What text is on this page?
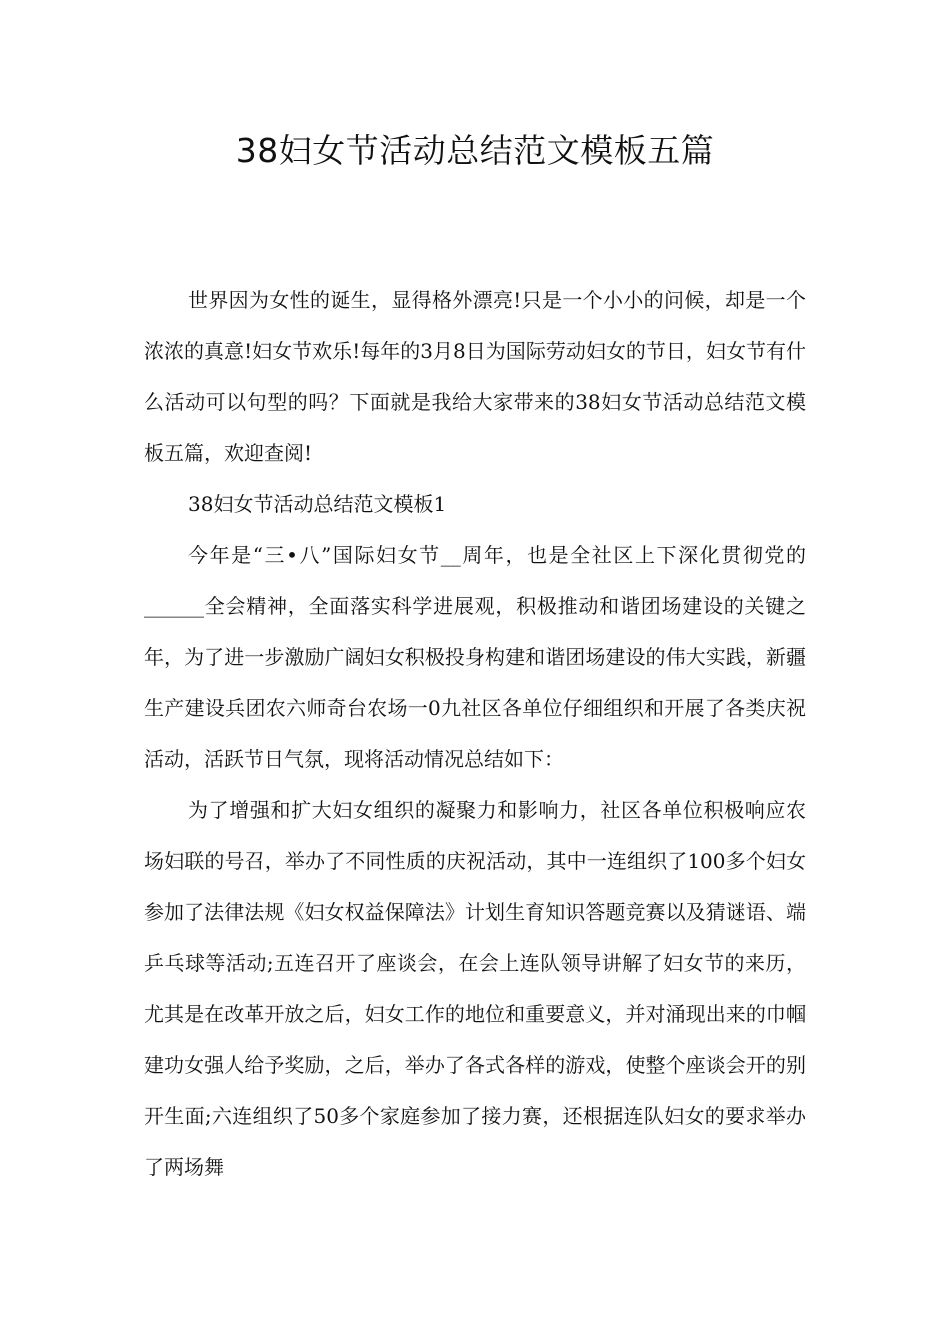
38妇女节活动总结范文模板五篇

世界因为女性的诞生，显得格外漂亮!只是一个小小的问候，却是一个浓浓的真意!妇女节欢乐!每年的3月8日为国际劳动妇女的节日，妇女节有什么活动可以句型的吗？下面就是我给大家带来的38妇女节活动总结范文模板五篇，欢迎查阅!

38妇女节活动总结范文模板1

今年是“三•八”国际妇女节__周年，也是全社区上下深化贯彻党的______全会精神，全面落实科学进展观，积极推动和谐团场建设的关键之年，为了进一步激励广阔妇女积极投身构建和谐团场建设的伟大实践，新疆生产建设兵团农六师奇台农场一0九社区各单位仔细组织和开展了各类庆祝活动，活跃节日气氛，现将活动情况总结如下：

为了增强和扩大妇女组织的凝聚力和影响力，社区各单位积极响应农场妇联的号召，举办了不同性质的庆祝活动，其中一连组织了100多个妇女参加了法律法规《妇女权益保障法》计划生育知识答题竞赛以及猜谜语、端乒乓球等活动;五连召开了座谈会，在会上连队领导讲解了妇女节的来历，尤其是在改革开放之后，妇女工作的地位和重要意义，并对涌现出来的巾帼建功女强人给予奖励，之后，举办了各式各样的游戏，使整个座谈会开的别开生面;六连组织了50多个家庭参加了接力赛，还根据连队妇女的要求举办了两场舞
